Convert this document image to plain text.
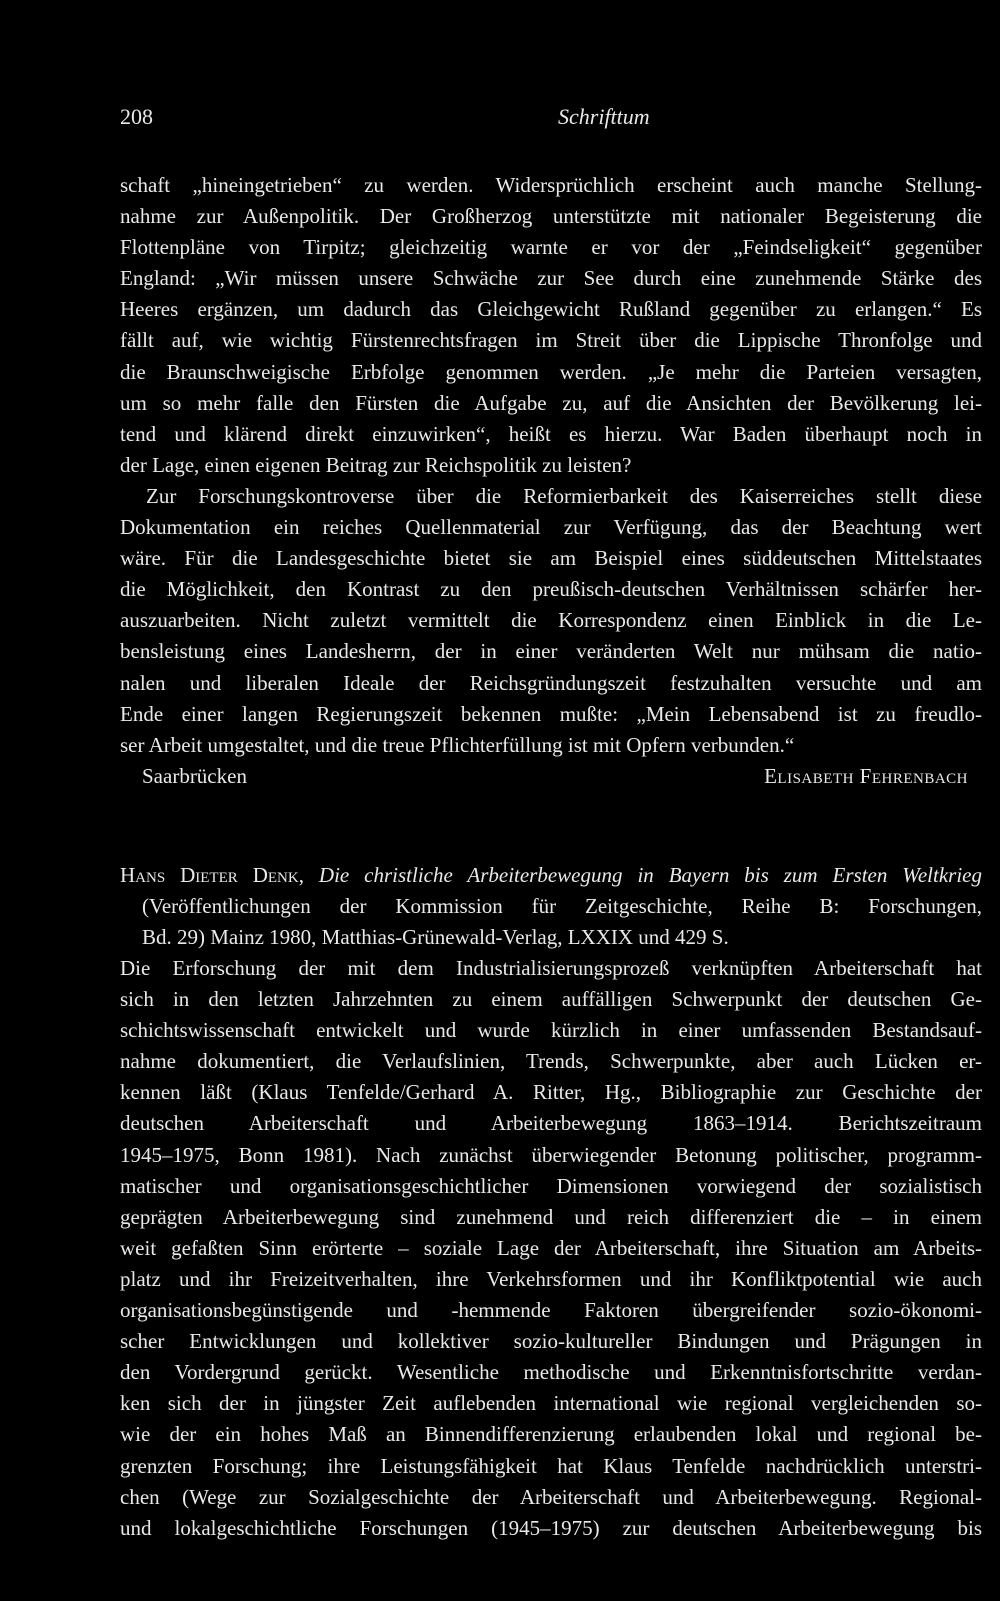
208	Schrifttum
schaft „hineingetrieben“ zu werden. Widersprüchlich erscheint auch manche Stellung-
nahme zur Außenpolitik. Der Großherzog unterstützte mit nationaler Begeisterung die
Flottenpläne von Tirpitz; gleichzeitig warnte er vor der „Feindseligkeit“ gegenüber
England: „Wir müssen unsere Schwäche zur See durch eine zunehmende Stärke des
Heeres ergänzen, um dadurch das Gleichgewicht Rußland gegenüber zu erlangen.“ Es
fällt auf, wie wichtig Fürstenrechtsfragen im Streit über die Lippische Thronfolge und
die Braunschweigische Erbfolge genommen werden. „Je mehr die Parteien versagten,
um so mehr falle den Fürsten die Aufgabe zu, auf die Ansichten der Bevölkerung lei-
tend und klärend direkt einzuwirken“, heißt es hierzu. War Baden überhaupt noch in
der Lage, einen eigenen Beitrag zur Reichspolitik zu leisten?
Zur Forschungskontroverse über die Reformierbarkeit des Kaiserreiches stellt diese
Dokumentation ein reiches Quellenmaterial zur Verfügung, das der Beachtung wert
wäre. Für die Landesgeschichte bietet sie am Beispiel eines süddeutschen Mittelstaates
die Möglichkeit, den Kontrast zu den preußisch-deutschen Verhältnissen schärfer her-
auszuarbeiten. Nicht zuletzt vermittelt die Korrespondenz einen Einblick in die Le-
bensleistung eines Landesherrn, der in einer veränderten Welt nur mühsam die natio-
nalen und liberalen Ideale der Reichsgründungszeit festzuhalten versuchte und am
Ende einer langen Regierungszeit bekennen mußte: „Mein Lebensabend ist zu freudlo-
ser Arbeit umgestaltet, und die treue Pflichterfüllung ist mit Opfern verbunden.“
Saarbrücken	Elisabeth Fehrenbach
Hans Dieter Denk, Die christliche Arbeiterbewegung in Bayern bis zum Ersten Weltkrieg
(Veröffentlichungen der Kommission für Zeitgeschichte, Reihe B: Forschungen,
Bd. 29) Mainz 1980, Matthias-Grünewald-Verlag, LXXIX und 429 S.
Die Erforschung der mit dem Industrialisierungsprozeß verknüpften Arbeiterschaft hat
sich in den letzten Jahrzehnten zu einem auffälligen Schwerpunkt der deutschen Ge-
schichtswissenschaft entwickelt und wurde kürzlich in einer umfassenden Bestandsauf-
nahme dokumentiert, die Verlaufslinien, Trends, Schwerpunkte, aber auch Lücken er-
kennen läßt (Klaus Tenfelde/Gerhard A. Ritter, Hg., Bibliographie zur Geschichte der
deutschen Arbeiterschaft und Arbeiterbewegung 1863–1914. Berichtszeitraum
1945–1975, Bonn 1981). Nach zunächst überwiegender Betonung politischer, programm-
matischer und organisationsgeschichtlicher Dimensionen vorwiegend der sozialistisch
geprägten Arbeiterbewegung sind zunehmend und reich differenziert die – in einem
weit gefaßten Sinn erörterte – soziale Lage der Arbeiterschaft, ihre Situation am Arbeits-
platz und ihr Freizeitverhalten, ihre Verkehrsformen und ihr Konfliktpotential wie auch
organisationsbegünstigende und -hemmende Faktoren übergreifender sozio-ökonomi-
scher Entwicklungen und kollektiver sozio-kultureller Bindungen und Prägungen in
den Vordergrund gerückt. Wesentliche methodische und Erkenntnisfortschritte verdan-
ken sich der in jüngster Zeit auflebenden international wie regional vergleichenden so-
wie der ein hohes Maß an Binnendifferenzierung erlaubenden lokal und regional be-
grenzten Forschung; ihre Leistungsfähigkeit hat Klaus Tenfelde nachdrücklich unterstri-
chen (Wege zur Sozialgeschichte der Arbeiterschaft und Arbeiterbewegung. Regional-
und lokalgeschichtliche Forschungen (1945–1975) zur deutschen Arbeiterbewegung bis
